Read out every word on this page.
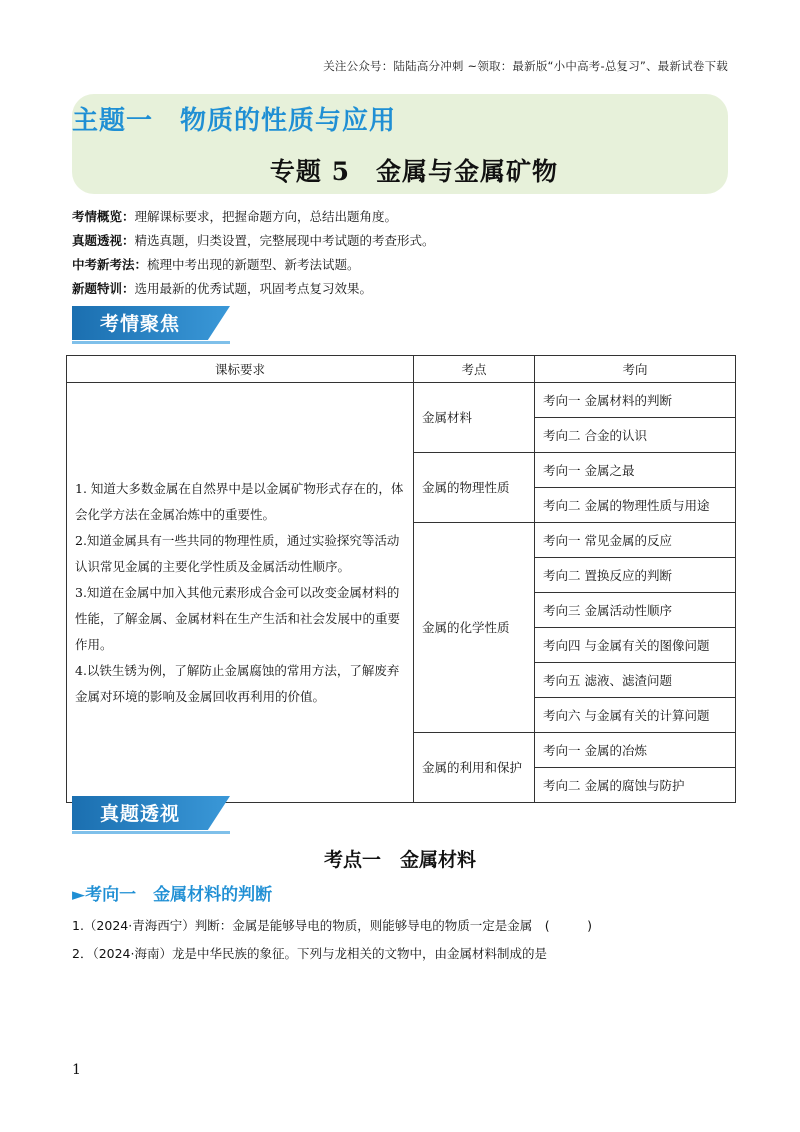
关注公众号：陆陆高分冲刺 ~领取：最新版“小中高考-总复习”、最新试卷下载
主题一　物质的性质与应用
专题 5　金属与金属矿物
考情概览：理解课标要求，把握命题方向，总结出题角度。
真题透视：精选真题，归类设置，完整展现中考试题的考查形式。
中考新考法：梳理中考出现的新题型、新考法试题。
新题特训：选用最新的优秀试题，巩固考点复习效果。
考情聚焦
课标要求	考点	考向

1. 知道大多数金属在自然界中是以金属矿物形式存在的，体会化学方法在金属冶炼中的重要性。

2.知道金属具有一些共同的物理性质，通过实验探究等活动认识常见金属的主要化学性质及金属活动性顺序。

3.知道在金属中加入其他元素形成合金可以改变金属材料的性能，了解金属、金属材料在生产生活和社会发展中的重要作用。

4.以铁生锈为例，了解防止金属腐蚀的常用方法，了解废弃金属对环境的影响及金属回收再利用的价值。	金属材料	考向一 金属材料的判断
		考向二 合金的认识
	金属的物理性质	考向一 金属之最
		考向二 金属的物理性质与用途
	金属的化学性质	考向一 常见金属的反应
		考向二 置换反应的判断
		考向三 金属活动性顺序
		考向四 与金属有关的图像问题
		考向五 滤液、滤渣问题
		考向六 与金属有关的计算问题
	金属的利用和保护	考向一 金属的冶炼
		考向二 金属的腐蚀与防护
真题透视
考点一　金属材料
►考向一　金属材料的判断
1.（2024·青海西宁）判断：金属是能够导电的物质，则能够导电的物质一定是金属　(　　　)
2．（2024·海南）龙是中华民族的象征。下列与龙相关的文物中，由金属材料制成的是
1
